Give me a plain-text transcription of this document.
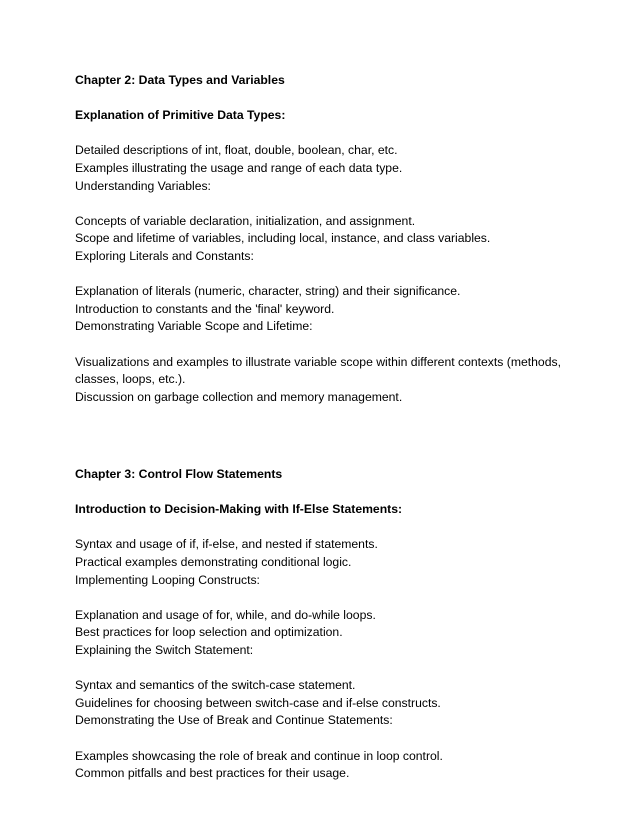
Chapter 2: Data Types and Variables

Explanation of Primitive Data Types:

Detailed descriptions of int, float, double, boolean, char, etc.

Examples illustrating the usage and range of each data type.

Understanding Variables:

Concepts of variable declaration, initialization, and assignment.

Scope and lifetime of variables, including local, instance, and class variables.

Exploring Literals and Constants:

Explanation of literals (numeric, character, string) and their significance.

Introduction to constants and the 'final' keyword.

Demonstrating Variable Scope and Lifetime:

Visualizations and examples to illustrate variable scope within different contexts (methods, classes, loops, etc.).

Discussion on garbage collection and memory management.

Chapter 3: Control Flow Statements

Introduction to Decision-Making with If-Else Statements:

Syntax and usage of if, if-else, and nested if statements.

Practical examples demonstrating conditional logic.

Implementing Looping Constructs:

Explanation and usage of for, while, and do-while loops.

Best practices for loop selection and optimization.

Explaining the Switch Statement:

Syntax and semantics of the switch-case statement.

Guidelines for choosing between switch-case and if-else constructs.

Demonstrating the Use of Break and Continue Statements:

Examples showcasing the role of break and continue in loop control.

Common pitfalls and best practices for their usage.
